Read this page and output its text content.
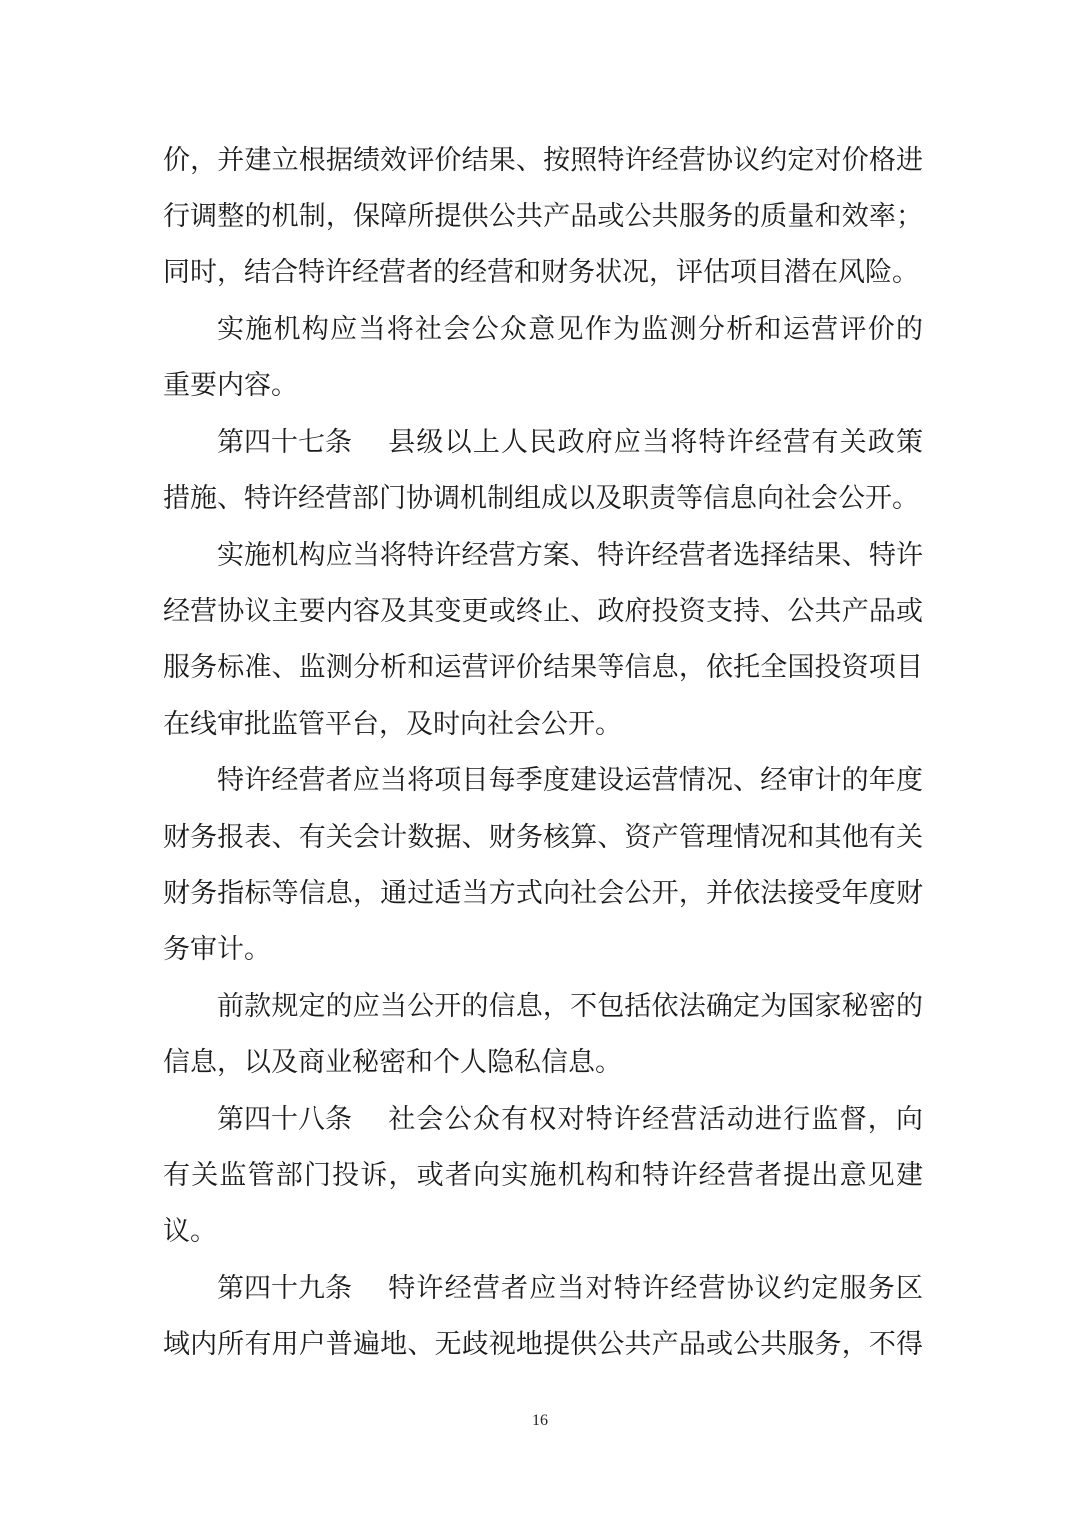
价，并建立根据绩效评价结果、按照特许经营协议约定对价格进
行调整的机制，保障所提供公共产品或公共服务的质量和效率；
同时，结合特许经营者的经营和财务状况，评估项目潜在风险。
实施机构应当将社会公众意见作为监测分析和运营评价的
重要内容。
第四十七条 县级以上人民政府应当将特许经营有关政策
措施、特许经营部门协调机制组成以及职责等信息向社会公开。
实施机构应当将特许经营方案、特许经营者选择结果、特许
经营协议主要内容及其变更或终止、政府投资支持、公共产品或
服务标准、监测分析和运营评价结果等信息，依托全国投资项目
在线审批监管平台，及时向社会公开。
特许经营者应当将项目每季度建设运营情况、经审计的年度
财务报表、有关会计数据、财务核算、资产管理情况和其他有关
财务指标等信息，通过适当方式向社会公开，并依法接受年度财
务审计。
前款规定的应当公开的信息，不包括依法确定为国家秘密的
信息，以及商业秘密和个人隐私信息。
第四十八条 社会公众有权对特许经营活动进行监督，向
有关监管部门投诉，或者向实施机构和特许经营者提出意见建
议。
第四十九条 特许经营者应当对特许经营协议约定服务区
域内所有用户普遍地、无歧视地提供公共产品或公共服务，不得
16
